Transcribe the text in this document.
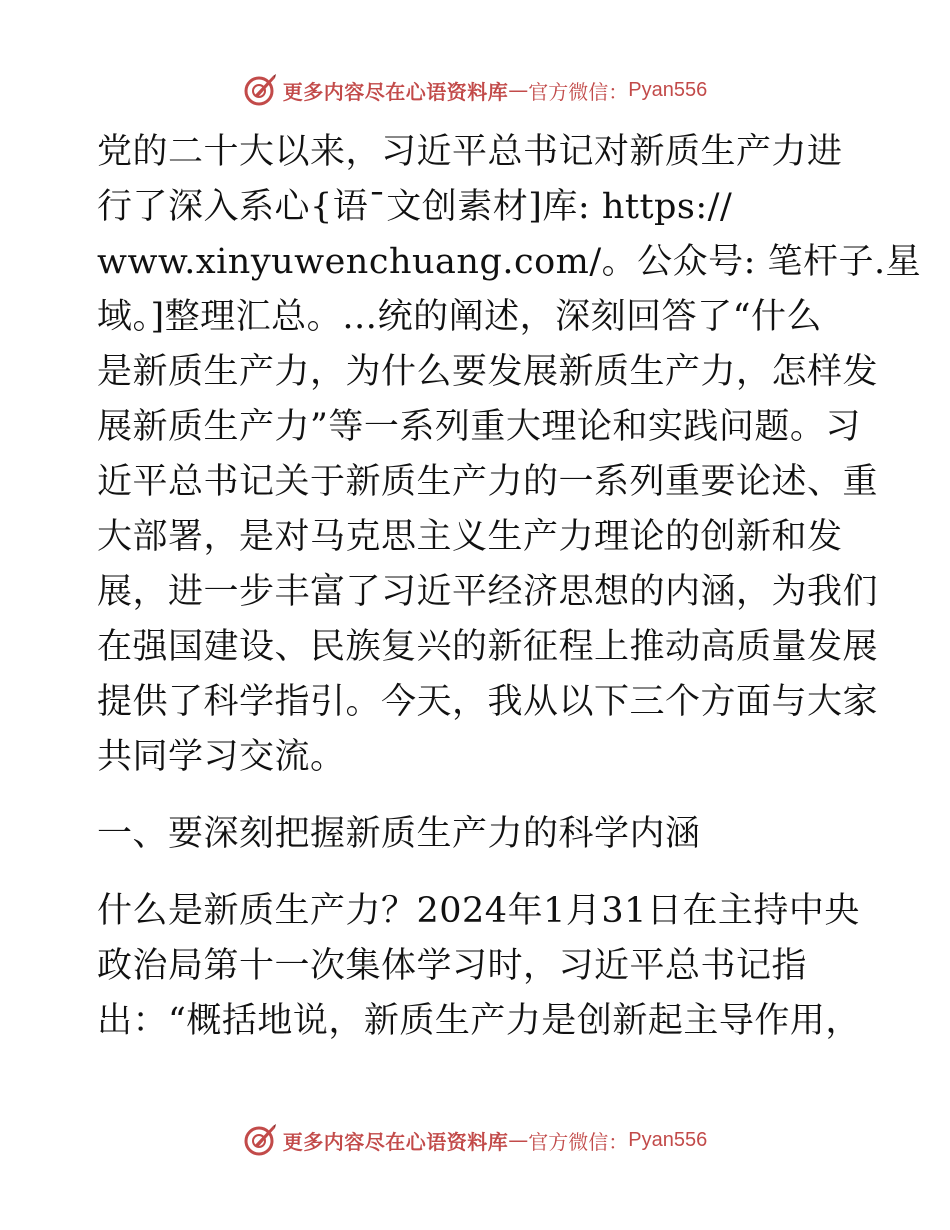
更多内容尽在心语资料库 — 官方微信： Pyan556
党的二十大以来，习近平总书记对新质生产力进
行了深入系心{语¯文创素材]库: https://
www.xinyuwenchuang.com/。公众号: 笔杆子.星
域。]整理汇总。…统的阐述，深刻回答了“什么
是新质生产力，为什么要发展新质生产力，怎样发
展新质生产力”等一系列重大理论和实践问题。习
近平总书记关于新质生产力的一系列重要论述、重
大部署，是对马克思主义生产力理论的创新和发
展，进一步丰富了习近平经济思想的内涵，为我们
在强国建设、民族复兴的新征程上推动高质量发展
提供了科学指引。今天，我从以下三个方面与大家
共同学习交流。
一、要深刻把握新质生产力的科学内涵
什么是新质生产力？2024年1月31日在主持中央
政治局第十一次集体学习时，习近平总书记指
出：“概括地说，新质生产力是创新起主导作用，
更多内容尽在心语资料库 — 官方微信： Pyan556
